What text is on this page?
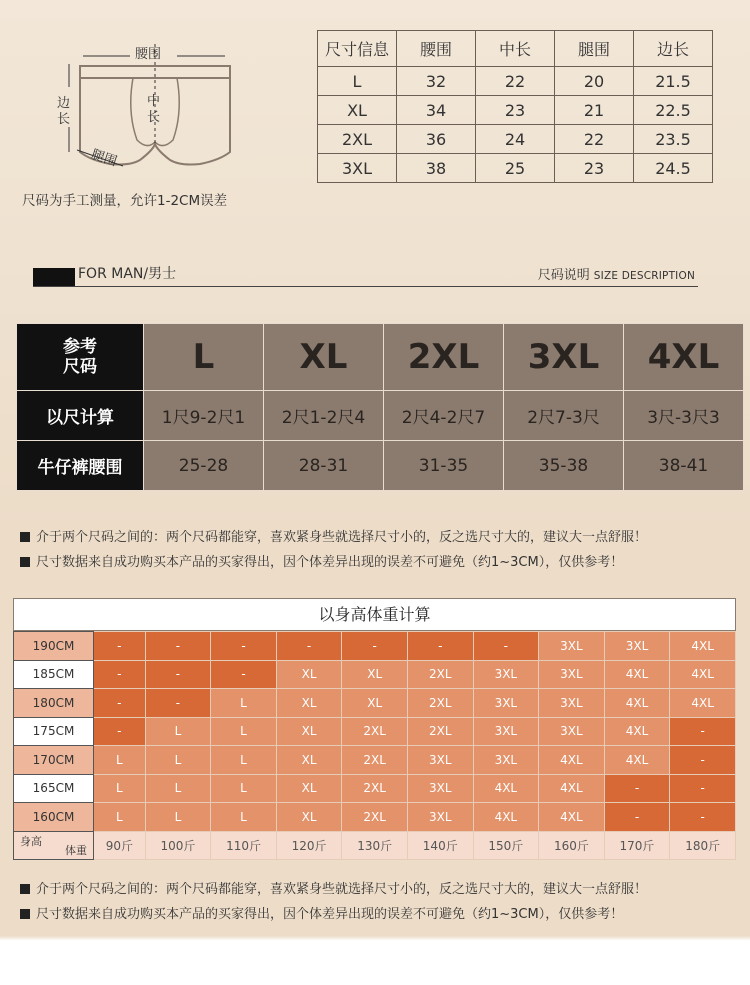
腰围
中长
边长
腿围
尺码为手工测量，允许1-2CM误差
尺寸信息	腰围	中长	腿围	边长
L	32	22	20	21.5
XL	34	23	21	22.5
2XL	36	24	22	23.5
3XL	38	25	23	24.5
FOR MAN/男士	尺码说明 SIZE DESCRIPTION
参考
尺码	L	XL	2XL	3XL	4XL
以尺计算	1尺9-2尺1	2尺1-2尺4	2尺4-2尺7	2尺7-3尺	3尺-3尺3
牛仔裤腰围	25-28	28-31	31-35	35-38	38-41
介于两个尺码之间的：两个尺码都能穿，喜欢紧身些就选择尺寸小的，反之选尺寸大的，建议大一点舒服！
尺寸数据来自成功购买本产品的买家得出，因个体差异出现的误差不可避免（约1~3CM），仅供参考！
以身高体重计算
190CM	-	-	-	-	-	-	-	3XL	3XL	4XL
185CM	-	-	-	XL	XL	2XL	3XL	3XL	4XL	4XL
180CM	-	-	L	XL	XL	2XL	3XL	3XL	4XL	4XL
175CM	-	L	L	XL	2XL	2XL	3XL	3XL	4XL	-
170CM	L	L	L	XL	2XL	3XL	3XL	4XL	4XL	-
165CM	L	L	L	XL	2XL	3XL	4XL	4XL	-	-
160CM	L	L	L	XL	2XL	3XL	4XL	4XL	-	-

身高
体重	90斤	100斤	110斤	120斤	130斤	140斤	150斤	160斤	170斤	180斤
介于两个尺码之间的：两个尺码都能穿，喜欢紧身些就选择尺寸小的，反之选尺寸大的，建议大一点舒服！
尺寸数据来自成功购买本产品的买家得出，因个体差异出现的误差不可避免（约1~3CM），仅供参考！
